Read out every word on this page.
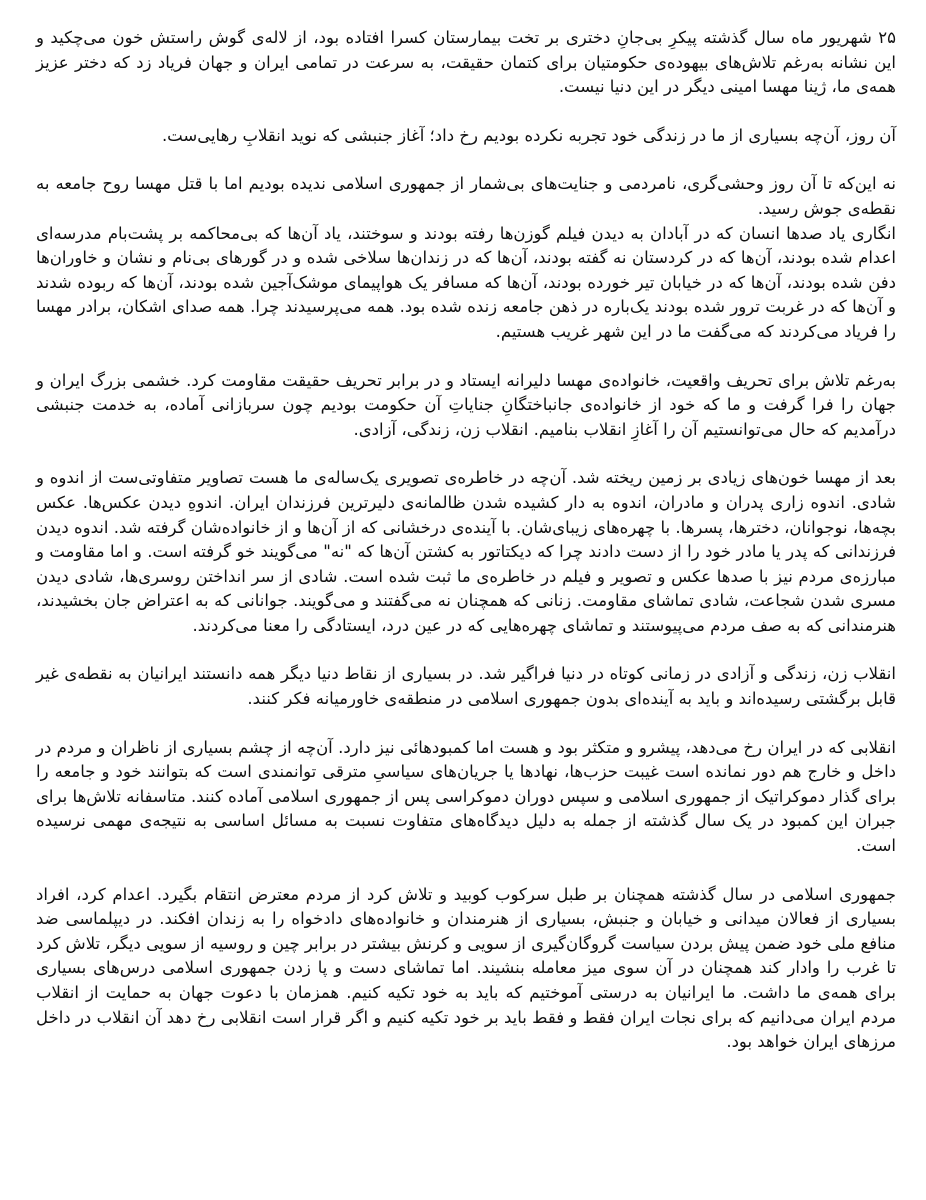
۲۵ شهریور ماه سال گذشته پیکرِ بی‌جانِ دختری بر تخت بیمارستان کسرا افتاده بود، از لاله‌ی گوش راستش خون می‌چکید و این نشانه به‌رغم تلاش‌های بیهوده‌ی حکومتیان برای کتمان حقیقت، به سرعت در تمامی ایران و جهان فریاد زد که دختر عزیز همه‌ی ما، ژینا مهسا امینی دیگر در این دنیا نیست.

آن روز، آن‌چه بسیاری از ما در زندگی خود تجربه نکرده بودیم رخ داد؛ آغاز جنبشی که نوید انقلابِ رهایی‌ست.

نه این‌که تا آن روز وحشی‌گری، نامردمی و جنایت‌های بی‌شمار از جمهوری اسلامی ندیده بودیم اما با قتل مهسا روح جامعه به نقطه‌ی جوش رسید.

انگاری یاد صدها انسان که در آبادان به دیدن فیلم گوزن‌ها رفته بودند و سوختند، یاد آن‌ها که بی‌محاکمه بر پشت‌بام مدرسه‌ای اعدام شده بودند، آن‌ها که در کردستان نه گفته بودند، آن‌ها که در زندان‌ها سلاخی شده و در گورهای بی‌نام و نشان و خاوران‌ها دفن شده بودند، آن‌ها که در خیابان تیر خورده بودند، آن‌ها که مسافر یک هواپیمای موشک‌آجین شده بودند، آن‌ها که ربوده شدند و آن‌ها که در غربت ترور شده بودند یک‌باره در ذهن جامعه زنده شده بود. همه می‌پرسیدند چرا. همه صدای اشکان، برادر مهسا را فریاد می‌کردند که می‌گفت ما در این شهر غریب هستیم.

به‌رغم تلاش برای تحریف واقعیت، خانواده‌ی مهسا دلیرانه ایستاد و در برابر تحریف حقیقت مقاومت کرد. خشمی بزرگ ایران و جهان را فرا گرفت و ما که خود از خانواده‌ی جانباختگانِ جنایاتِ آن حکومت بودیم چون سربازانی آماده، به خدمت جنبشی درآمدیم که حال می‌توانستیم آن را آغازِ انقلاب بنامیم. انقلاب زن، زندگی، آزادی.

بعد از مهسا خون‌های زیادی بر زمین ریخته شد. آن‌چه در خاطره‌ی تصویری یک‌ساله‌ی ما هست تصاویر متفاوتی‌ست از اندوه و شادی. اندوه زاری پدران و مادران، اندوه به دار کشیده شدن ظالمانه‌ی دلیرترین فرزندان ایران. اندوهِ دیدن عکس‌ها. عکس بچه‌ها، نوجوانان، دخترها، پسرها. با چهره‌های زیبای‌شان. با آینده‌ی درخشانی که از آن‌ها و از خانواده‌شان گرفته شد. اندوه دیدن فرزندانی که پدر یا مادر خود را از دست دادند چرا که دیکتاتور به کشتن آن‌ها که "نه" می‌گویند خو گرفته است. و اما مقاومت و مبارزه‌ی مردم نیز با صدها عکس و تصویر و فیلم در خاطره‌ی ما ثبت شده است. شادی از سر انداختن روسری‌ها، شادی دیدن مسری شدن شجاعت، شادی تماشای مقاومت. زنانی که همچنان نه می‌گفتند و می‌گویند. جوانانی که به اعتراض جان بخشیدند، هنرمندانی که به صف مردم می‌پیوستند و تماشای چهره‌هایی که در عین درد، ایستادگی را معنا می‌کردند.

انقلاب زن، زندگی و آزادی در زمانی کوتاه در دنیا فراگیر شد. در بسیاری از نقاط دنیا دیگر همه دانستند ایرانیان به نقطه‌ی غیر قابل برگشتی رسیده‌اند و باید به آینده‌ای بدون جمهوری اسلامی در منطقه‌ی خاورمیانه فکر کنند.

انقلابی که در ایران رخ می‌دهد، پیشرو و متکثر بود و هست اما کمبودهائی نیز دارد. آن‌چه از چشم بسیاری از ناظران و مردم در داخل و خارج هم دور نمانده است غیبت حزب‌ها، نهادها یا جریان‌های سیاسیِ مترقی توانمندی است که بتوانند خود و جامعه را برای گذار دموکراتیک از جمهوری اسلامی و سپس دوران دموکراسی پس از جمهوری اسلامی آماده کنند. متاسفانه تلاش‌ها برای جبران این کمبود در یک سال گذشته از جمله به دلیل دیدگاه‌های متفاوت نسبت به مسائل اساسی به نتیجه‌ی مهمی نرسیده است.

جمهوری اسلامی در سال گذشته همچنان بر طبل سرکوب کوبید و تلاش کرد از مردم معترض انتقام بگیرد. اعدام کرد، افراد بسیاری از فعالان میدانی و خیابان و جنبش، بسیاری از هنرمندان و خانواده‌های دادخواه را به زندان افکند. در دیپلماسی ضد منافع ملی خود ضمن پیش بردن سیاست گروگان‌گیری از سویی و کرنش بیشتر در برابر چین و روسیه از سویی دیگر، تلاش کرد تا غرب را وادار کند همچنان در آن سوی میز معامله بنشیند. اما تماشای دست و پا زدن جمهوری اسلامی درس‌های بسیاری برای همه‌ی ما داشت. ما ایرانیان به درستی آموختیم که باید به خود تکیه کنیم. همزمان با دعوت جهان به حمایت از انقلاب مردم ایران می‌دانیم که برای نجات ایران فقط و فقط باید بر خود تکیه کنیم و اگر قرار است انقلابی رخ دهد آن انقلاب در داخل مرزهای ایران خواهد بود.
